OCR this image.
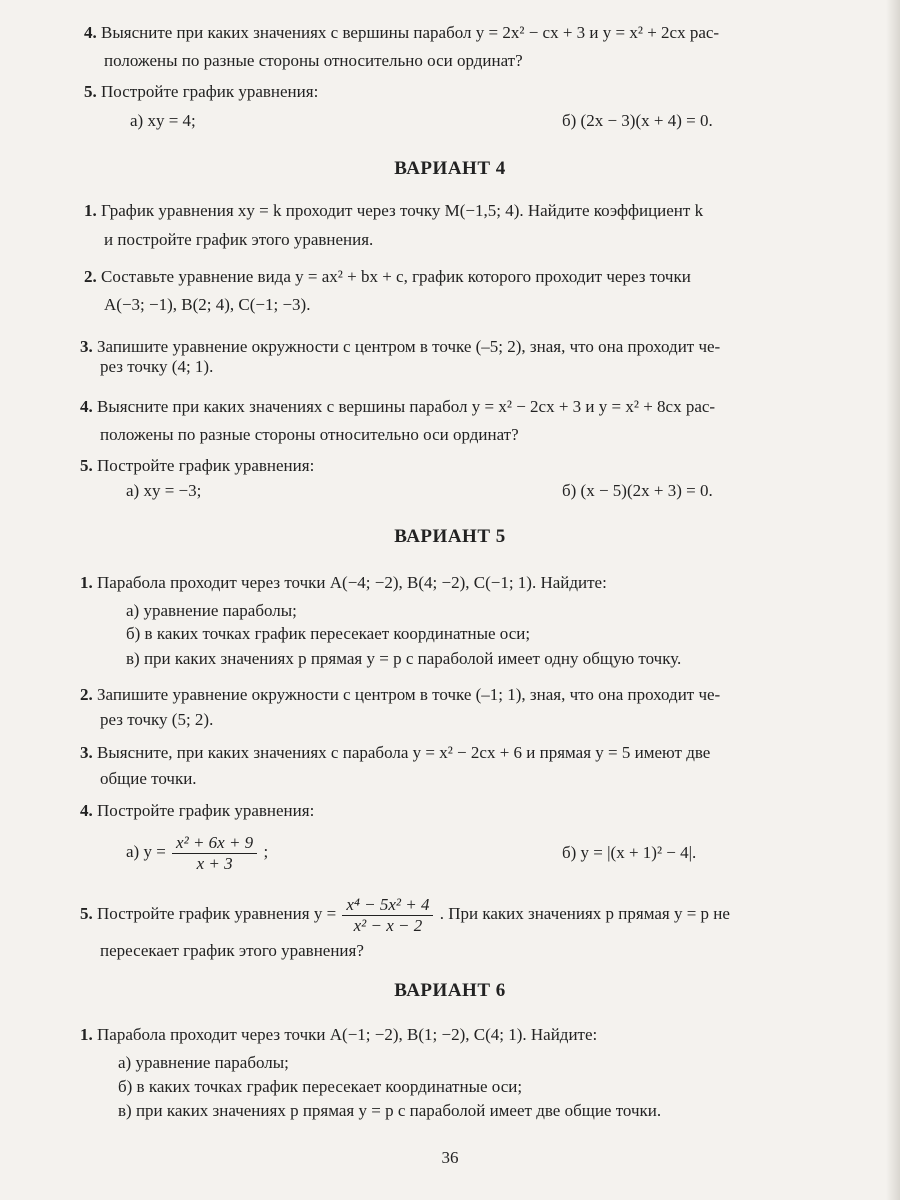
4. Выясните при каких значениях c вершины парабол y = 2x² − cx + 3 и y = x² + 2cx рас-
положены по разные стороны относительно оси ординат?
5. Постройте график уравнения:
а) xy = 4;	б) (2x − 3)(x + 4) = 0.
ВАРИАНТ 4
1. График уравнения xy = k проходит через точку M(−1,5; 4). Найдите коэффициент k
и постройте график этого уравнения.
2. Составьте уравнение вида y = ax² + bx + c, график которого проходит через точки
A(−3; −1), B(2; 4), C(−1; −3).
3. Запишите уравнение окружности с центром в точке (–5; 2), зная, что она проходит че-
рез точку (4; 1).
4. Выясните при каких значениях c вершины парабол y = x² − 2cx + 3 и y = x² + 8cx рас-
положены по разные стороны относительно оси ординат?
5. Постройте график уравнения:
а) xy = −3;	б) (x − 5)(2x + 3) = 0.
ВАРИАНТ 5
1. Парабола проходит через точки A(−4; −2), B(4; −2), C(−1; 1). Найдите:
а) уравнение параболы;
б) в каких точках график пересекает координатные оси;
в) при каких значениях p прямая y = p с параболой имеет одну общую точку.
2. Запишите уравнение окружности с центром в точке (–1; 1), зная, что она проходит че-
рез точку (5; 2).
3. Выясните, при каких значениях c парабола y = x² − 2cx + 6 и прямая y = 5 имеют две
общие точки.
4. Постройте график уравнения:
а) $y = \frac{\text{x² + 6x + 9}}{x + 3}$ ;	б) y = |(x + 1)² − 4|.
5. Постройте график уравнения $y = \frac{\text{x⁴ − 5x² + 4}}{\text{x² − x − 2}}$ . При каких значениях p прямая y = p не
пересекает график этого уравнения?
ВАРИАНТ 6
1. Парабола проходит через точки A(−1; −2), B(1; −2), C(4; 1). Найдите:
а) уравнение параболы;
б) в каких точках график пересекает координатные оси;
в) при каких значениях p прямая y = p с параболой имеет две общие точки.
36
